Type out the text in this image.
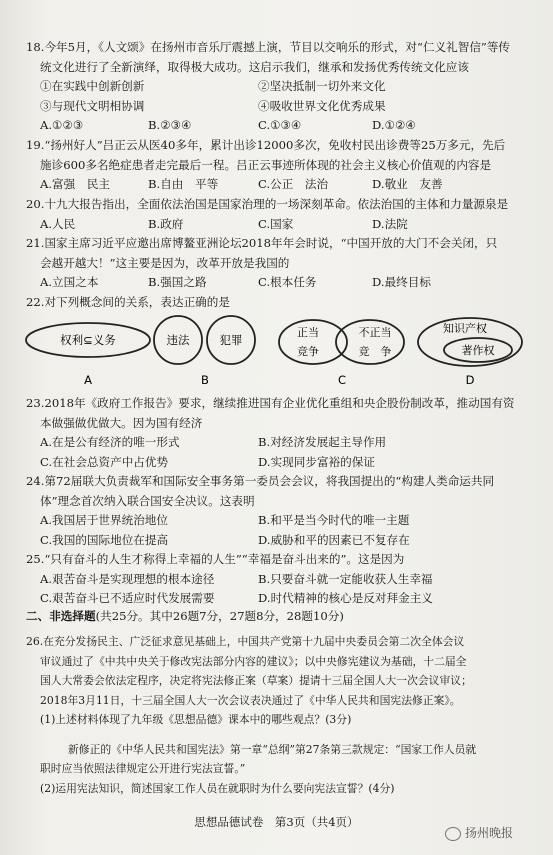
18.今年5月，《人文颂》在扬州市音乐厅震撼上演，节目以交响乐的形式，对“仁义礼智信”等传
统文化进行了全新演绎，取得极大成功。这启示我们，继承和发扬优秀传统文化应该
①在实践中创新创新	②坚决抵制一切外来文化
③与现代文明相协调	④吸收世界文化优秀成果
A.①②③	B.②③④	C.①③④	D.①②④
19.“扬州好人”吕正云从医40多年，累计出诊12000多次，免收村民出诊费等25万多元，先后
施诊600多名绝症患者走完最后一程。吕正云事迹所体现的社会主义核心价值观的内容是
A.富强　民主	B.自由　平等	C.公正　法治	D.敬业　友善
20.十九大报告指出，全面依法治国是国家治理的一场深刻革命。依法治国的主体和力量源泉是
A.人民	B.政府	C.国家	D.法院
21.国家主席习近平应邀出席博鳌亚洲论坛2018年年会时说，“中国开放的大门不会关闭，只
会越开越大！”这主要是因为，改革开放是我国的
A.立国之本	B.强国之路	C.根本任务	D.最终目标
22.对下列概念间的关系，表达正确的是
权利⊆义务	违法	犯罪
正当
竞争
不正当
竞　争
知识产权
著作权
A	B	C	D
23.2018年《政府工作报告》要求，继续推进国有企业优化重组和央企股份制改革，推动国有资
本做强做优做大。因为国有经济
A.在是公有经济的唯一形式	B.对经济发展起主导作用
C.在社会总资产中占优势	D.实现同步富裕的保证
24.第72届联大负责裁军和国际安全事务第一委员会会议，将我国提出的“构建人类命运共同
体”理念首次纳入联合国安全决议。这表明
A.我国居于世界统治地位	B.和平是当今时代的唯一主题
C.我国的国际地位在提高	D.威胁和平的因素已不复存在
25.“只有奋斗的人生才称得上幸福的人生”“幸福是奋斗出来的”。这是因为
A.艰苦奋斗是实现理想的根本途径	B.只要奋斗就一定能收获人生幸福
C.艰苦奋斗已不适应时代发展需要	D.时代精神的核心是反对拜金主义
二、非选择题(共25分。其中26题7分，27题8分，28题10分)
26.在充分发扬民主、广泛征求意见基础上，中国共产党第十九届中央委员会第二次全体会议
审议通过了《中共中央关于修改宪法部分内容的建议》；以中央修宪建议为基础，十二届全
国人大常委会依法定程序，决定将宪法修正案（草案）提请十三届全国人大一次会议审议；
2018年3月11日，十三届全国人大一次会议表决通过了《中华人民共和国宪法修正案》。
(1)上述材料体现了九年级《思想品德》课本中的哪些观点？(3分)
新修正的《中华人民共和国宪法》第一章“总纲”第27条第三款规定：“国家工作人员就
职时应当依照法律规定公开进行宪法宣誓。”
(2)运用宪法知识，简述国家工作人员在就职时为什么要向宪法宣誓？(4分)
思想品德试卷　第3页（共4页）
扬州晚报
